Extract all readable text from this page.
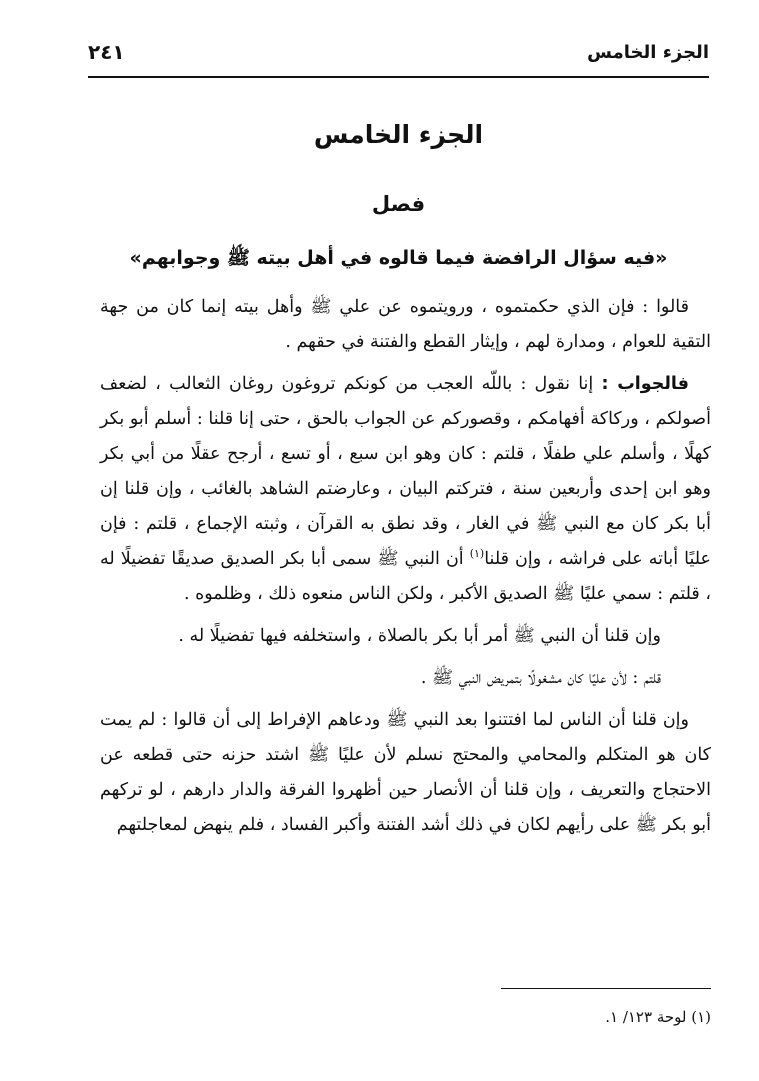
الجزء الخامس
٢٤١
الجزء الخامس
فصل
«فيه سؤال الرافضة فيما قالوه في أهل بيته ﷺ وجوابهم»

قالوا : فإن الذي حكمتموه ، ورويتموه عن علي ﷺ وأهل بيته إنما كان من جهة التقية للعوام ، ومدارة لهم ، وإيثار القطع والفتنة في حقهم .

فالجواب : إنا نقول : باللّه العجب من كونكم تروغون روغان الثعالب ، لضعف أصولكم ، وركاكة أفهامكم ، وقصوركم عن الجواب بالحق ، حتى إنا قلنا : أسلم أبو بكر كهلًا ، وأسلم علي طفلًا ، قلتم : كان وهو ابن سبع ، أو تسع ، أرجح عقلًا من أبي بكر وهو ابن إحدى وأربعين سنة ، فتركتم البيان ، وعارضتم الشاهد بالغائب ، وإن قلنا إن أبا بكر كان مع النبي ﷺ في الغار ، وقد نطق به القرآن ، وثبته الإجماع ، قلتم : فإن عليًا أباته على فراشه ، وإن قلنا$^{(١)}$ أن النبي ﷺ سمى أبا بكر الصديق صديقًا تفضيلًا له ، قلتم : سمي عليًا ﷺ الصديق الأكبر ، ولكن الناس منعوه ذلك ، وظلموه .

وإن قلنا أن النبي ﷺ أمر أبا بكر بالصلاة ، واستخلفه فيها تفضيلًا له .

قلتم : لأن عليًا كان مشغولًا بتمريض النبي ﷺ .

وإن قلنا أن الناس لما افتتنوا بعد النبي ﷺ ودعاهم الإفراط إلى أن قالوا : لم يمت كان هو المتكلم والمحامي والمحتج نسلم لأن عليًا ﷺ اشتد حزنه حتى قطعه عن الاحتجاج والتعريف ، وإن قلنا أن الأنصار حين أظهروا الفرقة والدار دارهم ، لو تركهم أبو بكر ﷺ على رأيهم لكان في ذلك أشد الفتنة وأكبر الفساد ، فلم ينهض لمعاجلتهم

(١) لوحة ١٢٣/ ١.
